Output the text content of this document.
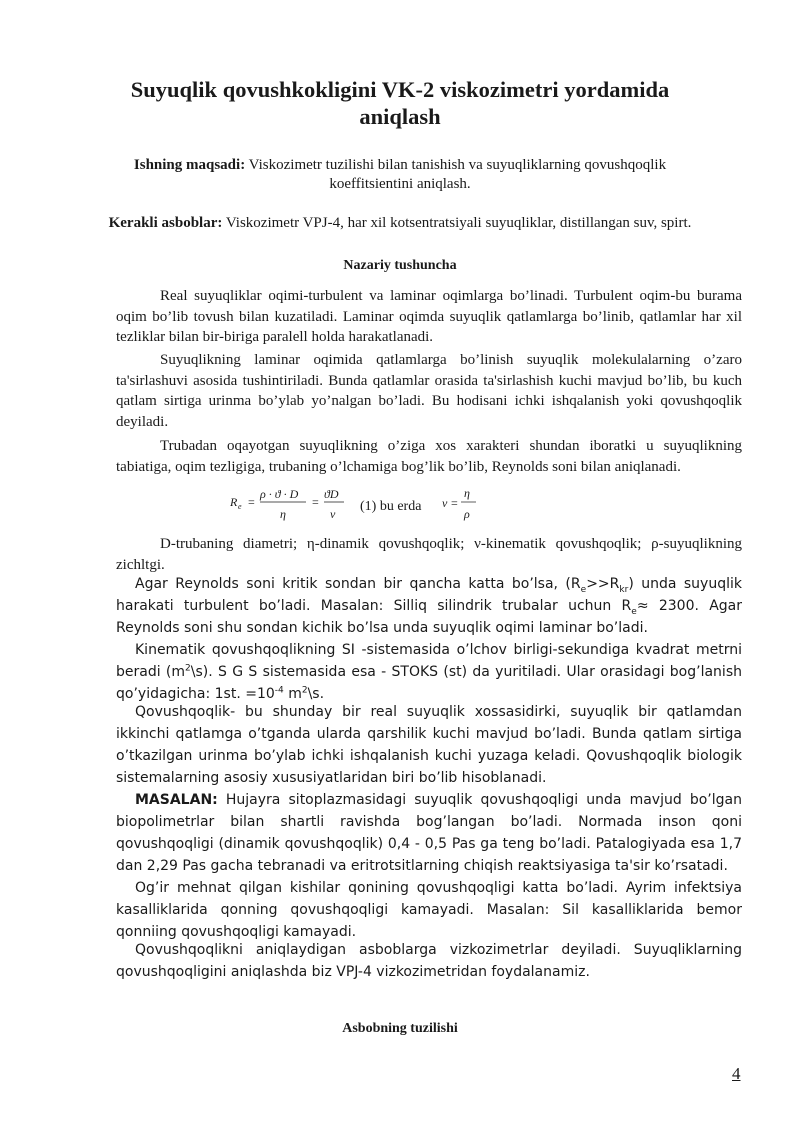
Suyuqlik qovushkokligini VK-2 viskozimetri yordamida aniqlash
Ishning maqsadi: Viskozimetr tuzilishi bilan tanishish va suyuqliklarning qovushqoqlik koeffitsientini aniqlash.
Kerakli asboblar: Viskozimetr VPJ-4, har xil kotsentratsiyali suyuqliklar, distillangan suv, spirt.
Nazariy tushuncha

Real suyuqliklar oqimi-turbulent va laminar oqimlarga bo’linadi. Turbulent oqim-bu burama oqim bo’lib tovush bilan kuzatiladi. Laminar oqimda suyuqlik qatlamlarga bo’linib, qatlamlar har xil tezliklar bilan bir-biriga paralell holda harakatlanadi.

Suyuqlikning laminar oqimida qatlamlarga bo’linish suyuqlik molekulalarning o’zaro ta'sirlashuvi asosida tushintiriladi. Bunda qatlamlar orasida ta'sirlashish kuchi mavjud bo’lib, bu kuch qatlam sirtiga urinma bo’ylab yo’nalgan bo’ladi. Bu hodisani ichki ishqalanish yoki qovushqoqlik deyiladi.

Trubadan oqayotgan suyuqlikning o’ziga xos xarakteri shundan iboratki u suyuqlikning tabiatiga, oqim tezligiga, trubaning o’lchamiga bog’lik bo’lib, Reynolds soni bilan aniqlanadi.

R e =
ρ · ϑ · D
η
=
ϑD
ν (1) bu erda ν =
η
ρ

D-trubaning diametri; η-dinamik qovushqoqlik; ν-kinematik qovushqoqlik; ρ-suyuqlikning zichltgi.

Agar Reynolds soni kritik sondan bir qancha katta bo’lsa, $(R_e>>R_{kr})$ unda suyuqlik harakati turbulent bo’ladi. Masalan: Silliq silindrik trubalar uchun $R_e\approx 2300$. Agar Reynolds soni shu sondan kichik bo’lsa unda suyuqlik oqimi laminar bo’ladi.

Kinematik qovushqoqlikning SI -sistemasida o’lchov birligi-sekundiga kvadrat metrni beradi $(m^2\backslash s)$. S G S sistemasida esa - STOKS (st) da yuritiladi. Ular orasidagi bog’lanish qo’yidagicha: 1st. $=10^{-4}$ $m^2\backslash s$.

Qovushqoqlik- bu shunday bir real suyuqlik xossasidirki, suyuqlik bir qatlamdan ikkinchi qatlamga o’tganda ularda qarshilik kuchi mavjud bo’ladi. Bunda qatlam sirtiga o’tkazilgan urinma bo’ylab ichki ishqalanish kuchi yuzaga keladi. Qovushqoqlik biologik sistemalarning asosiy xususiyatlaridan biri bo’lib hisoblanadi.

MASALAN: Hujayra sitoplazmasidagi suyuqlik qovushqoqligi unda mavjud bo’lgan biopolimetrlar bilan shartli ravishda bog’langan bo’ladi. Normada inson qoni qovushqoqligi (dinamik qovushqoqlik) 0,4 - 0,5 Pas ga teng bo’ladi. Patalogiyada esa 1,7 dan 2,29 Pas gacha tebranadi va eritrotsitlarning chiqish reaktsiyasiga ta'sir ko’rsatadi.

Og’ir mehnat qilgan kishilar qonining qovushqoqligi katta bo’ladi. Ayrim infektsiya kasalliklarida qonning qovushqoqligi kamayadi. Masalan: Sil kasalliklarida bemor qonniing qovushqoqligi kamayadi.

Qovushqoqlikni aniqlaydigan asboblarga vizkozimetrlar deyiladi. Suyuqliklarning qovushqoqligini aniqlashda biz VPJ-4 vizkozimetridan foydalanamiz.

Asbobning tuzilishi
4
